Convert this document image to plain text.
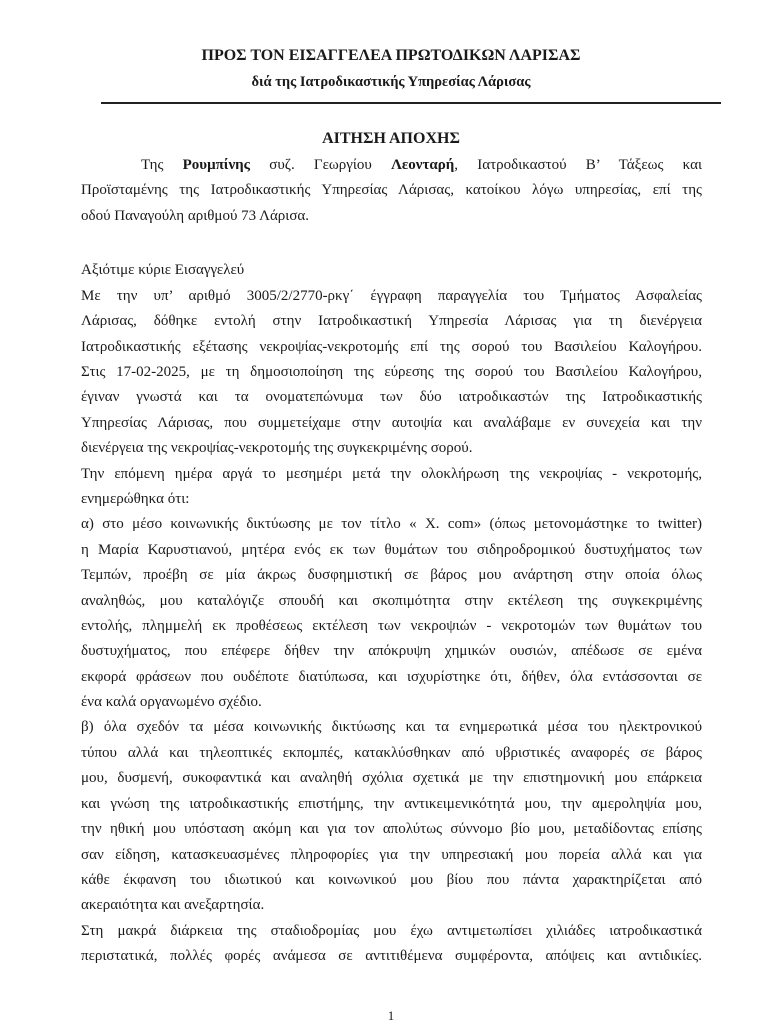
ΠΡΟΣ ΤΟΝ ΕΙΣΑΓΓΕΛΕΑ ΠΡΩΤΟΔΙΚΩΝ ΛΑΡΙΣΑΣ
διά της Ιατροδικαστικής Υπηρεσίας Λάρισας
ΑΙΤΗΣΗ ΑΠΟΧΗΣ
Της Ρουμπίνης συζ. Γεωργίου Λεονταρή, Ιατροδικαστού Β’ Τάξεως και
Προϊσταμένης της Ιατροδικαστικής Υπηρεσίας Λάρισας, κατοίκου λόγω υπηρεσίας, επί της
οδού Παναγούλη αριθμού 73 Λάρισα.
Αξιότιμε κύριε Εισαγγελεύ
Με την υπ’ αριθμό 3005/2/2770-ρκγ΄ έγγραφη παραγγελία του Τμήματος Ασφαλείας
Λάρισας, δόθηκε εντολή στην Ιατροδικαστική Υπηρεσία Λάρισας για τη διενέργεια
Ιατροδικαστικής εξέτασης νεκροψίας-νεκροτομής επί της σορού του Βασιλείου Καλογήρου.
Στις 17-02-2025, με τη δημοσιοποίηση της εύρεσης της σορού του Βασιλείου Καλογήρου,
έγιναν γνωστά και τα ονοματεπώνυμα των δύο ιατροδικαστών της Ιατροδικαστικής
Υπηρεσίας Λάρισας, που συμμετείχαμε στην αυτοψία και αναλάβαμε εν συνεχεία και την
διενέργεια της νεκροψίας-νεκροτομής της συγκεκριμένης σορού.
Την επόμενη ημέρα αργά το μεσημέρι μετά την ολοκλήρωση της νεκροψίας - νεκροτομής,
ενημερώθηκα ότι:
α) στο μέσο κοινωνικής δικτύωσης με τον τίτλο « X. com» (όπως μετονομάστηκε το twitter)
η Μαρία Καρυστιανού, μητέρα ενός εκ των θυμάτων του σιδηροδρομικού δυστυχήματος των
Τεμπών, προέβη σε μία άκρως δυσφημιστική σε βάρος μου ανάρτηση στην οποία όλως
αναληθώς, μου καταλόγιζε σπουδή και σκοπιμότητα στην εκτέλεση της συγκεκριμένης
εντολής, πλημμελή εκ προθέσεως εκτέλεση των νεκροψιών - νεκροτομών των θυμάτων του
δυστυχήματος, που επέφερε δήθεν την απόκρυψη χημικών ουσιών, απέδωσε σε εμένα
εκφορά φράσεων που ουδέποτε διατύπωσα, και ισχυρίστηκε ότι, δήθεν, όλα εντάσσονται σε
ένα καλά οργανωμένο σχέδιο.
β) όλα σχεδόν τα μέσα κοινωνικής δικτύωσης και τα ενημερωτικά μέσα του ηλεκτρονικού
τύπου αλλά και τηλεοπτικές εκπομπές, κατακλύσθηκαν από υβριστικές αναφορές σε βάρος
μου, δυσμενή, συκοφαντικά και αναληθή σχόλια σχετικά με την επιστημονική μου επάρκεια
και γνώση της ιατροδικαστικής επιστήμης, την αντικειμενικότητά μου, την αμεροληψία μου,
την ηθική μου υπόσταση ακόμη και για τον απολύτως σύννομο βίο μου, μεταδίδοντας επίσης
σαν είδηση, κατασκευασμένες πληροφορίες για την υπηρεσιακή μου πορεία αλλά και για
κάθε έκφανση του ιδιωτικού και κοινωνικού μου βίου που πάντα χαρακτηρίζεται από
ακεραιότητα και ανεξαρτησία.
Στη μακρά διάρκεια της σταδιοδρομίας μου έχω αντιμετωπίσει χιλιάδες ιατροδικαστικά
περιστατικά, πολλές φορές ανάμεσα σε αντιτιθέμενα συμφέροντα, απόψεις και αντιδικίες.
1
